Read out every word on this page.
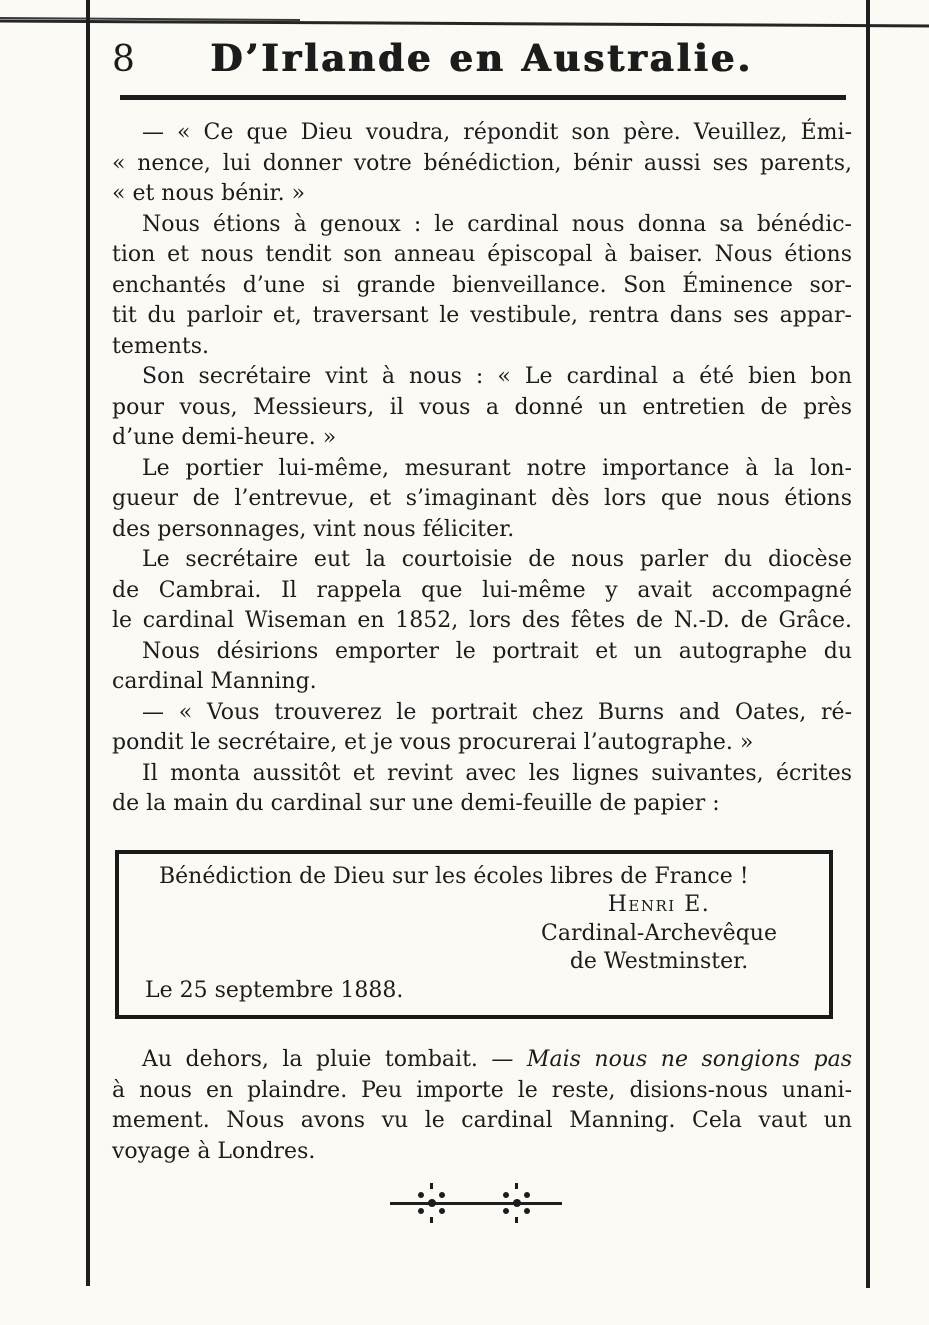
8	D’Irlande en Australie.
— « Ce que Dieu voudra, répondit son père. Veuillez, Émi-
« nence, lui donner votre bénédiction, bénir aussi ses parents,
« et nous bénir. »
Nous étions à genoux : le cardinal nous donna sa bénédic-
tion et nous tendit son anneau épiscopal à baiser. Nous étions
enchantés d’une si grande bienveillance. Son Éminence sor-
tit du parloir et, traversant le vestibule, rentra dans ses appar-
tements.
Son secrétaire vint à nous : « Le cardinal a été bien bon
pour vous, Messieurs, il vous a donné un entretien de près
d’une demi-heure. »
Le portier lui-même, mesurant notre importance à la lon-
gueur de l’entrevue, et s’imaginant dès lors que nous étions
des personnages, vint nous féliciter.
Le secrétaire eut la courtoisie de nous parler du diocèse
de Cambrai. Il rappela que lui-même y avait accompagné
le cardinal Wiseman en 1852, lors des fêtes de N.-D. de Grâce.
Nous désirions emporter le portrait et un autographe du
cardinal Manning.
— « Vous trouverez le portrait chez Burns and Oates, ré-
pondit le secrétaire, et je vous procurerai l’autographe. »
Il monta aussitôt et revint avec les lignes suivantes, écrites
de la main du cardinal sur une demi-feuille de papier :
Bénédiction de Dieu sur les écoles libres de France !
Henri E.
Cardinal-Archevêque
de Westminster.
Le 25 septembre 1888.
Au dehors, la pluie tombait. — Mais nous ne songions pas
à nous en plaindre. Peu importe le reste, disions-nous unani-
mement. Nous avons vu le cardinal Manning. Cela vaut un
voyage à Londres.
